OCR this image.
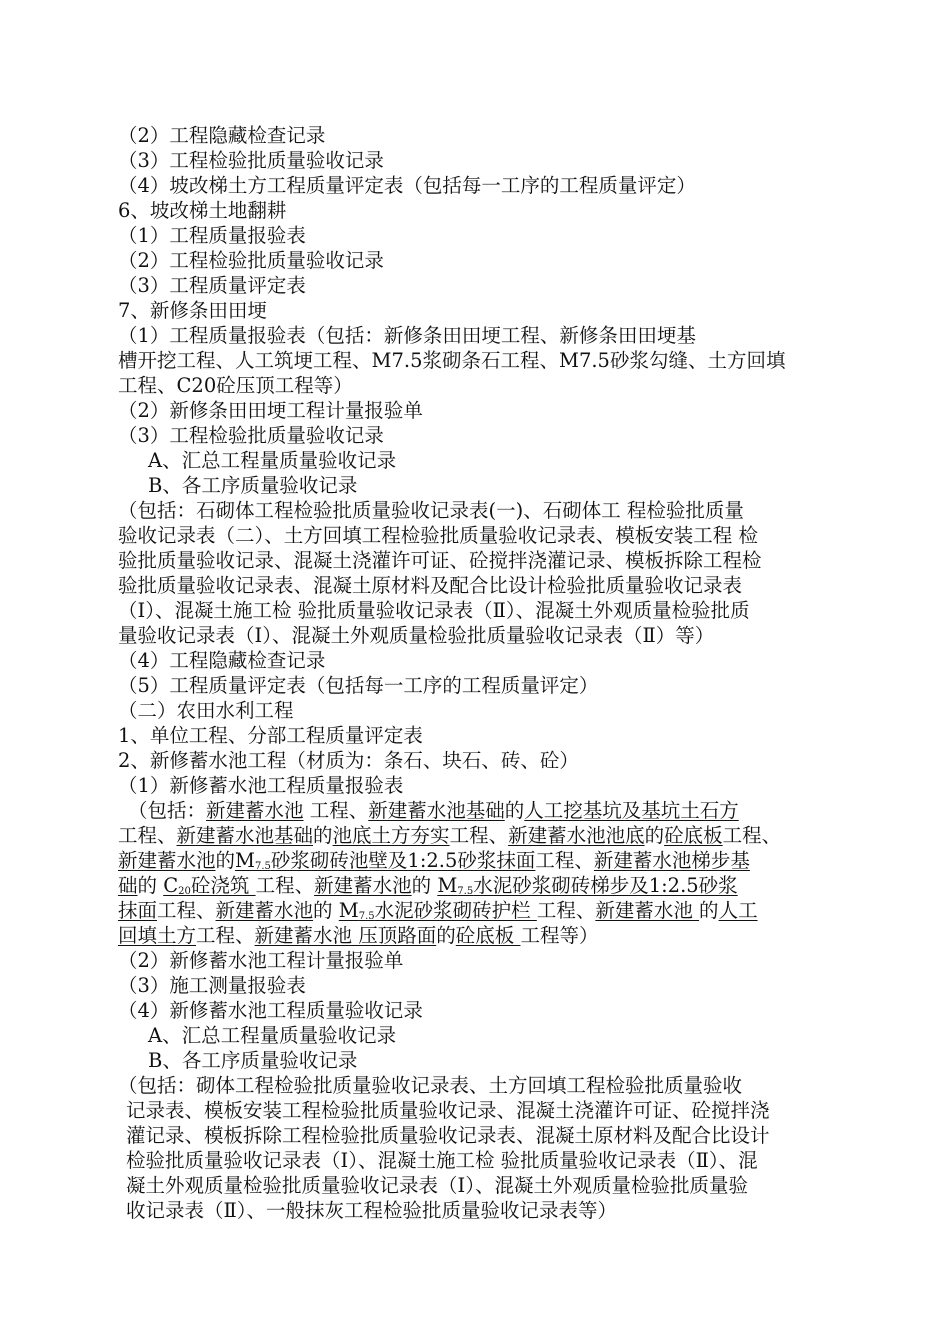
（2）工程隐藏检查记录
（3）工程检验批质量验收记录
（4）坡改梯土方工程质量评定表（包括每一工序的工程质量评定）
6、坡改梯土地翻耕
（1）工程质量报验表
（2）工程检验批质量验收记录
（3）工程质量评定表
7、新修条田田埂
（1）工程质量报验表（包括：新修条田田埂工程、新修条田田埂基
槽开挖工程、人工筑埂工程、M7.5浆砌条石工程、M7.5砂浆勾缝、土方回填
工程、C20砼压顶工程等）
（2）新修条田田埂工程计量报验单
（3）工程检验批质量验收记录
A、汇总工程量质量验收记录
B、各工序质量验收记录
（包括：石砌体工程检验批质量验收记录表(一)、石砌体工 程检验批质量
验收记录表（二）、土方回填工程检验批质量验收记录表、模板安装工程 检
验批质量验收记录、混凝土浇灌许可证、砼搅拌浇灌记录、模板拆除工程检
验批质量验收记录表、混凝土原材料及配合比设计检验批质量验收记录表
（Ⅰ）、混凝土施工检 验批质量验收记录表（Ⅱ）、混凝土外观质量检验批质
量验收记录表（Ⅰ）、混凝土外观质量检验批质量验收记录表（Ⅱ）等）
（4）工程隐藏检查记录
（5）工程质量评定表（包括每一工序的工程质量评定）
（二）农田水利工程
1、单位工程、分部工程质量评定表
2、新修蓄水池工程（材质为：条石、块石、砖、砼）
（1）新修蓄水池工程质量报验表
（包括：新建蓄水池 工程、新建蓄水池基础的人工挖基坑及基坑土石方
工程、新建蓄水池基础的池底土方夯实工程、新建蓄水池池底的砼底板工程、
新建蓄水池的$M_{7.5}$砂浆砌砖池壁及1:2.5砂浆抹面工程、新建蓄水池梯步基
础的 $C_{20}$砼浇筑 工程、新建蓄水池的 $M_{7.5}$水泥砂浆砌砖梯步及1:2.5砂浆
抹面工程、新建蓄水池的 $M_{7.5}$水泥砂浆砌砖护栏 工程、新建蓄水池 的人工
回填土方工程、新建蓄水池 压顶路面的砼底板 工程等）
（2）新修蓄水池工程计量报验单
（3）施工测量报验表
（4）新修蓄水池工程质量验收记录
A、汇总工程量质量验收记录
B、各工序质量验收记录
（包括：砌体工程检验批质量验收记录表、土方回填工程检验批质量验收
记录表、模板安装工程检验批质量验收记录、混凝土浇灌许可证、砼搅拌浇
灌记录、模板拆除工程检验批质量验收记录表、混凝土原材料及配合比设计
检验批质量验收记录表（Ⅰ）、混凝土施工检 验批质量验收记录表（Ⅱ）、混
凝土外观质量检验批质量验收记录表（Ⅰ）、混凝土外观质量检验批质量验
收记录表（Ⅱ）、一般抹灰工程检验批质量验收记录表等）
